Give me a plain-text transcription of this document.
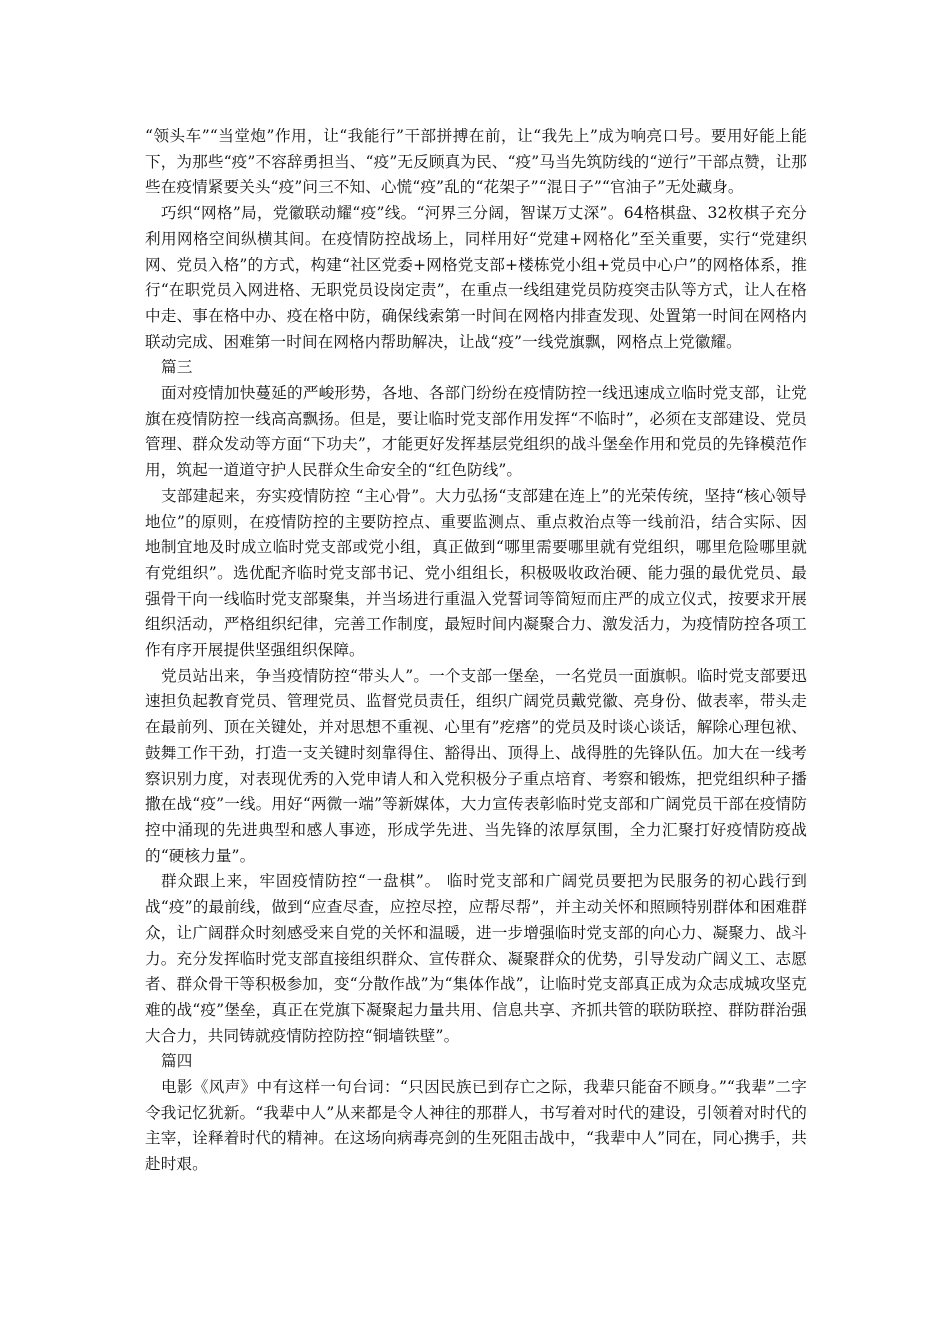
“领头车”“当堂炮”作用，让“我能行”干部拼搏在前，让“我先上”成为响亮口号。要用好能上能下，为那些“疫”不容辞勇担当、“疫”无反顾真为民、“疫”马当先筑防线的“逆行”干部点赞，让那些在疫情紧要关头“疫”问三不知、心慌“疫”乱的“花架子”“混日子”“官油子”无处藏身。

巧织“网格”局，党徽联动耀“疫”线。“河界三分阔，智谋万丈深”。64格棋盘、32枚棋子充分利用网格空间纵横其间。在疫情防控战场上，同样用好“党建+网格化”至关重要，实行“党建织网、党员入格”的方式，构建“社区党委+网格党支部+楼栋党小组+党员中心户”的网格体系，推行“在职党员入网进格、无职党员设岗定责”，在重点一线组建党员防疫突击队等方式，让人在格中走、事在格中办、疫在格中防，确保线索第一时间在网格内排查发现、处置第一时间在网格内联动完成、困难第一时间在网格内帮助解决，让战“疫”一线党旗飘，网格点上党徽耀。

篇三

面对疫情加快蔓延的严峻形势，各地、各部门纷纷在疫情防控一线迅速成立临时党支部，让党旗在疫情防控一线高高飘扬。但是，要让临时党支部作用发挥“不临时”，必须在支部建设、党员管理、群众发动等方面“下功夫”，才能更好发挥基层党组织的战斗堡垒作用和党员的先锋模范作用，筑起一道道守护人民群众生命安全的“红色防线”。

支部建起来，夯实疫情防控 “主心骨”。大力弘扬“支部建在连上”的光荣传统，坚持“核心领导地位”的原则，在疫情防控的主要防控点、重要监测点、重点救治点等一线前沿，结合实际、因地制宜地及时成立临时党支部或党小组，真正做到“哪里需要哪里就有党组织，哪里危险哪里就有党组织”。选优配齐临时党支部书记、党小组组长，积极吸收政治硬、能力强的最优党员、最强骨干向一线临时党支部聚集，并当场进行重温入党誓词等简短而庄严的成立仪式，按要求开展组织活动，严格组织纪律，完善工作制度，最短时间内凝聚合力、激发活力，为疫情防控各项工作有序开展提供坚强组织保障。

党员站出来，争当疫情防控“带头人”。一个支部一堡垒，一名党员一面旗帜。临时党支部要迅速担负起教育党员、管理党员、监督党员责任，组织广阔党员戴党徽、亮身份、做表率，带头走在最前列、顶在关键处，并对思想不重视、心里有”疙瘩”的党员及时谈心谈话，解除心理包袱、鼓舞工作干劲，打造一支关键时刻靠得住、豁得出、顶得上、战得胜的先锋队伍。加大在一线考察识别力度，对表现优秀的入党申请人和入党积极分子重点培育、考察和锻炼，把党组织种子播撒在战“疫”一线。用好“两微一端”等新媒体，大力宣传表彰临时党支部和广阔党员干部在疫情防控中涌现的先进典型和感人事迹，形成学先进、当先锋的浓厚氛围，全力汇聚打好疫情防疫战的“硬核力量”。

群众跟上来，牢固疫情防控“一盘棋”。 临时党支部和广阔党员要把为民服务的初心践行到战“疫”的最前线，做到“应查尽查，应控尽控，应帮尽帮”，并主动关怀和照顾特别群体和困难群众，让广阔群众时刻感受来自党的关怀和温暖，进一步增强临时党支部的向心力、凝聚力、战斗力。充分发挥临时党支部直接组织群众、宣传群众、凝聚群众的优势，引导发动广阔义工、志愿者、群众骨干等积极参加，变“分散作战”为“集体作战”，让临时党支部真正成为众志成城攻坚克难的战“疫”堡垒，真正在党旗下凝聚起力量共用、信息共享、齐抓共管的联防联控、群防群治强大合力，共同铸就疫情防控防控“铜墙铁壁”。

篇四

电影《风声》中有这样一句台词：“只因民族已到存亡之际，我辈只能奋不顾身。”“我辈”二字令我记忆犹新。“我辈中人”从来都是令人神往的那群人，书写着对时代的建设，引领着对时代的主宰，诠释着时代的精神。在这场向病毒亮剑的生死阻击战中，“我辈中人”同在，同心携手，共赴时艰。
